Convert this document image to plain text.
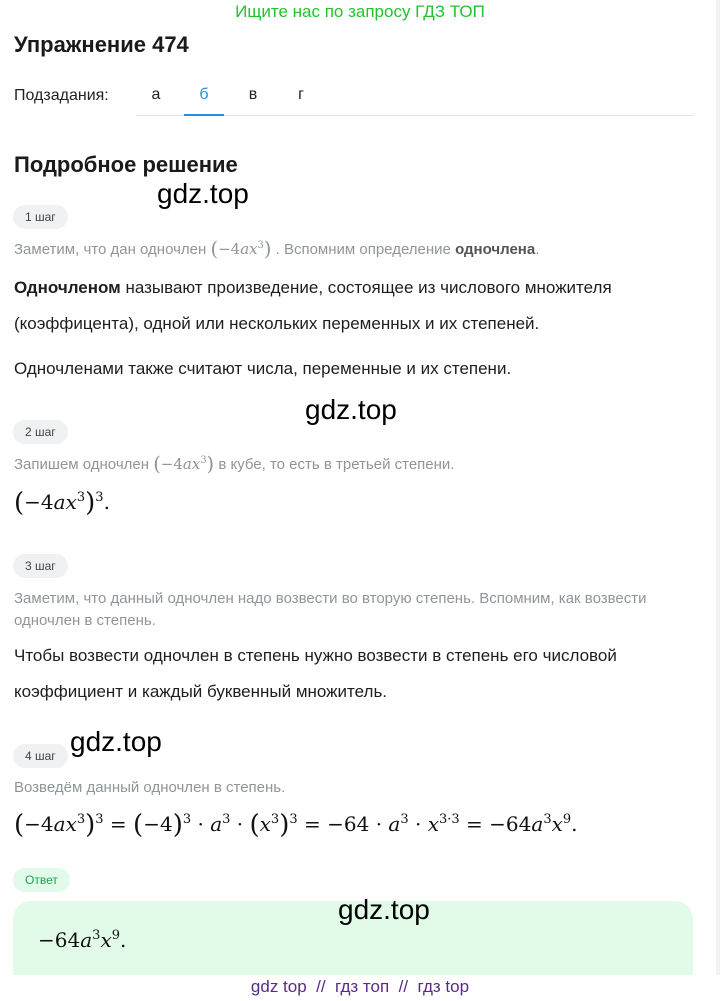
Ищите нас по запросу ГДЗ ТОП
Упражнение 474
Подзадания:	а	б	в	г
Подробное решение
gdz.top
1 шаг
Заметим, что дан одночлен $(-4ax^3)$ . Вспомним определение одночлена.
Одночленом называют произведение, состоящее из числового множителя (коэффицента), одной или нескольких переменных и их степеней.
Одночленами также считают числа, переменные и их степени.
gdz.top
2 шаг
Запишем одночлен $(-4ax^3)$ в кубе, то есть в третьей степени.
$(-4ax^3)^3$.
3 шаг
Заметим, что данный одночлен надо возвести во вторую степень. Вспомним, как возвести одночлен в степень.
Чтобы возвести одночлен в степень нужно возвести в степень его числовой коэффициент и каждый буквенный множитель.
gdz.top
4 шаг
Возведём данный одночлен в степень.
$(-4ax^3)^3 = (-4)^3 \cdot a^3 \cdot (x^3)^3 = -64 \cdot a^3 \cdot x^{3\cdot 3} = -64a^3x^9$.
Ответ
gdz.top
$-64a^3x^9$.
gdz top // гдз топ // гдз top
